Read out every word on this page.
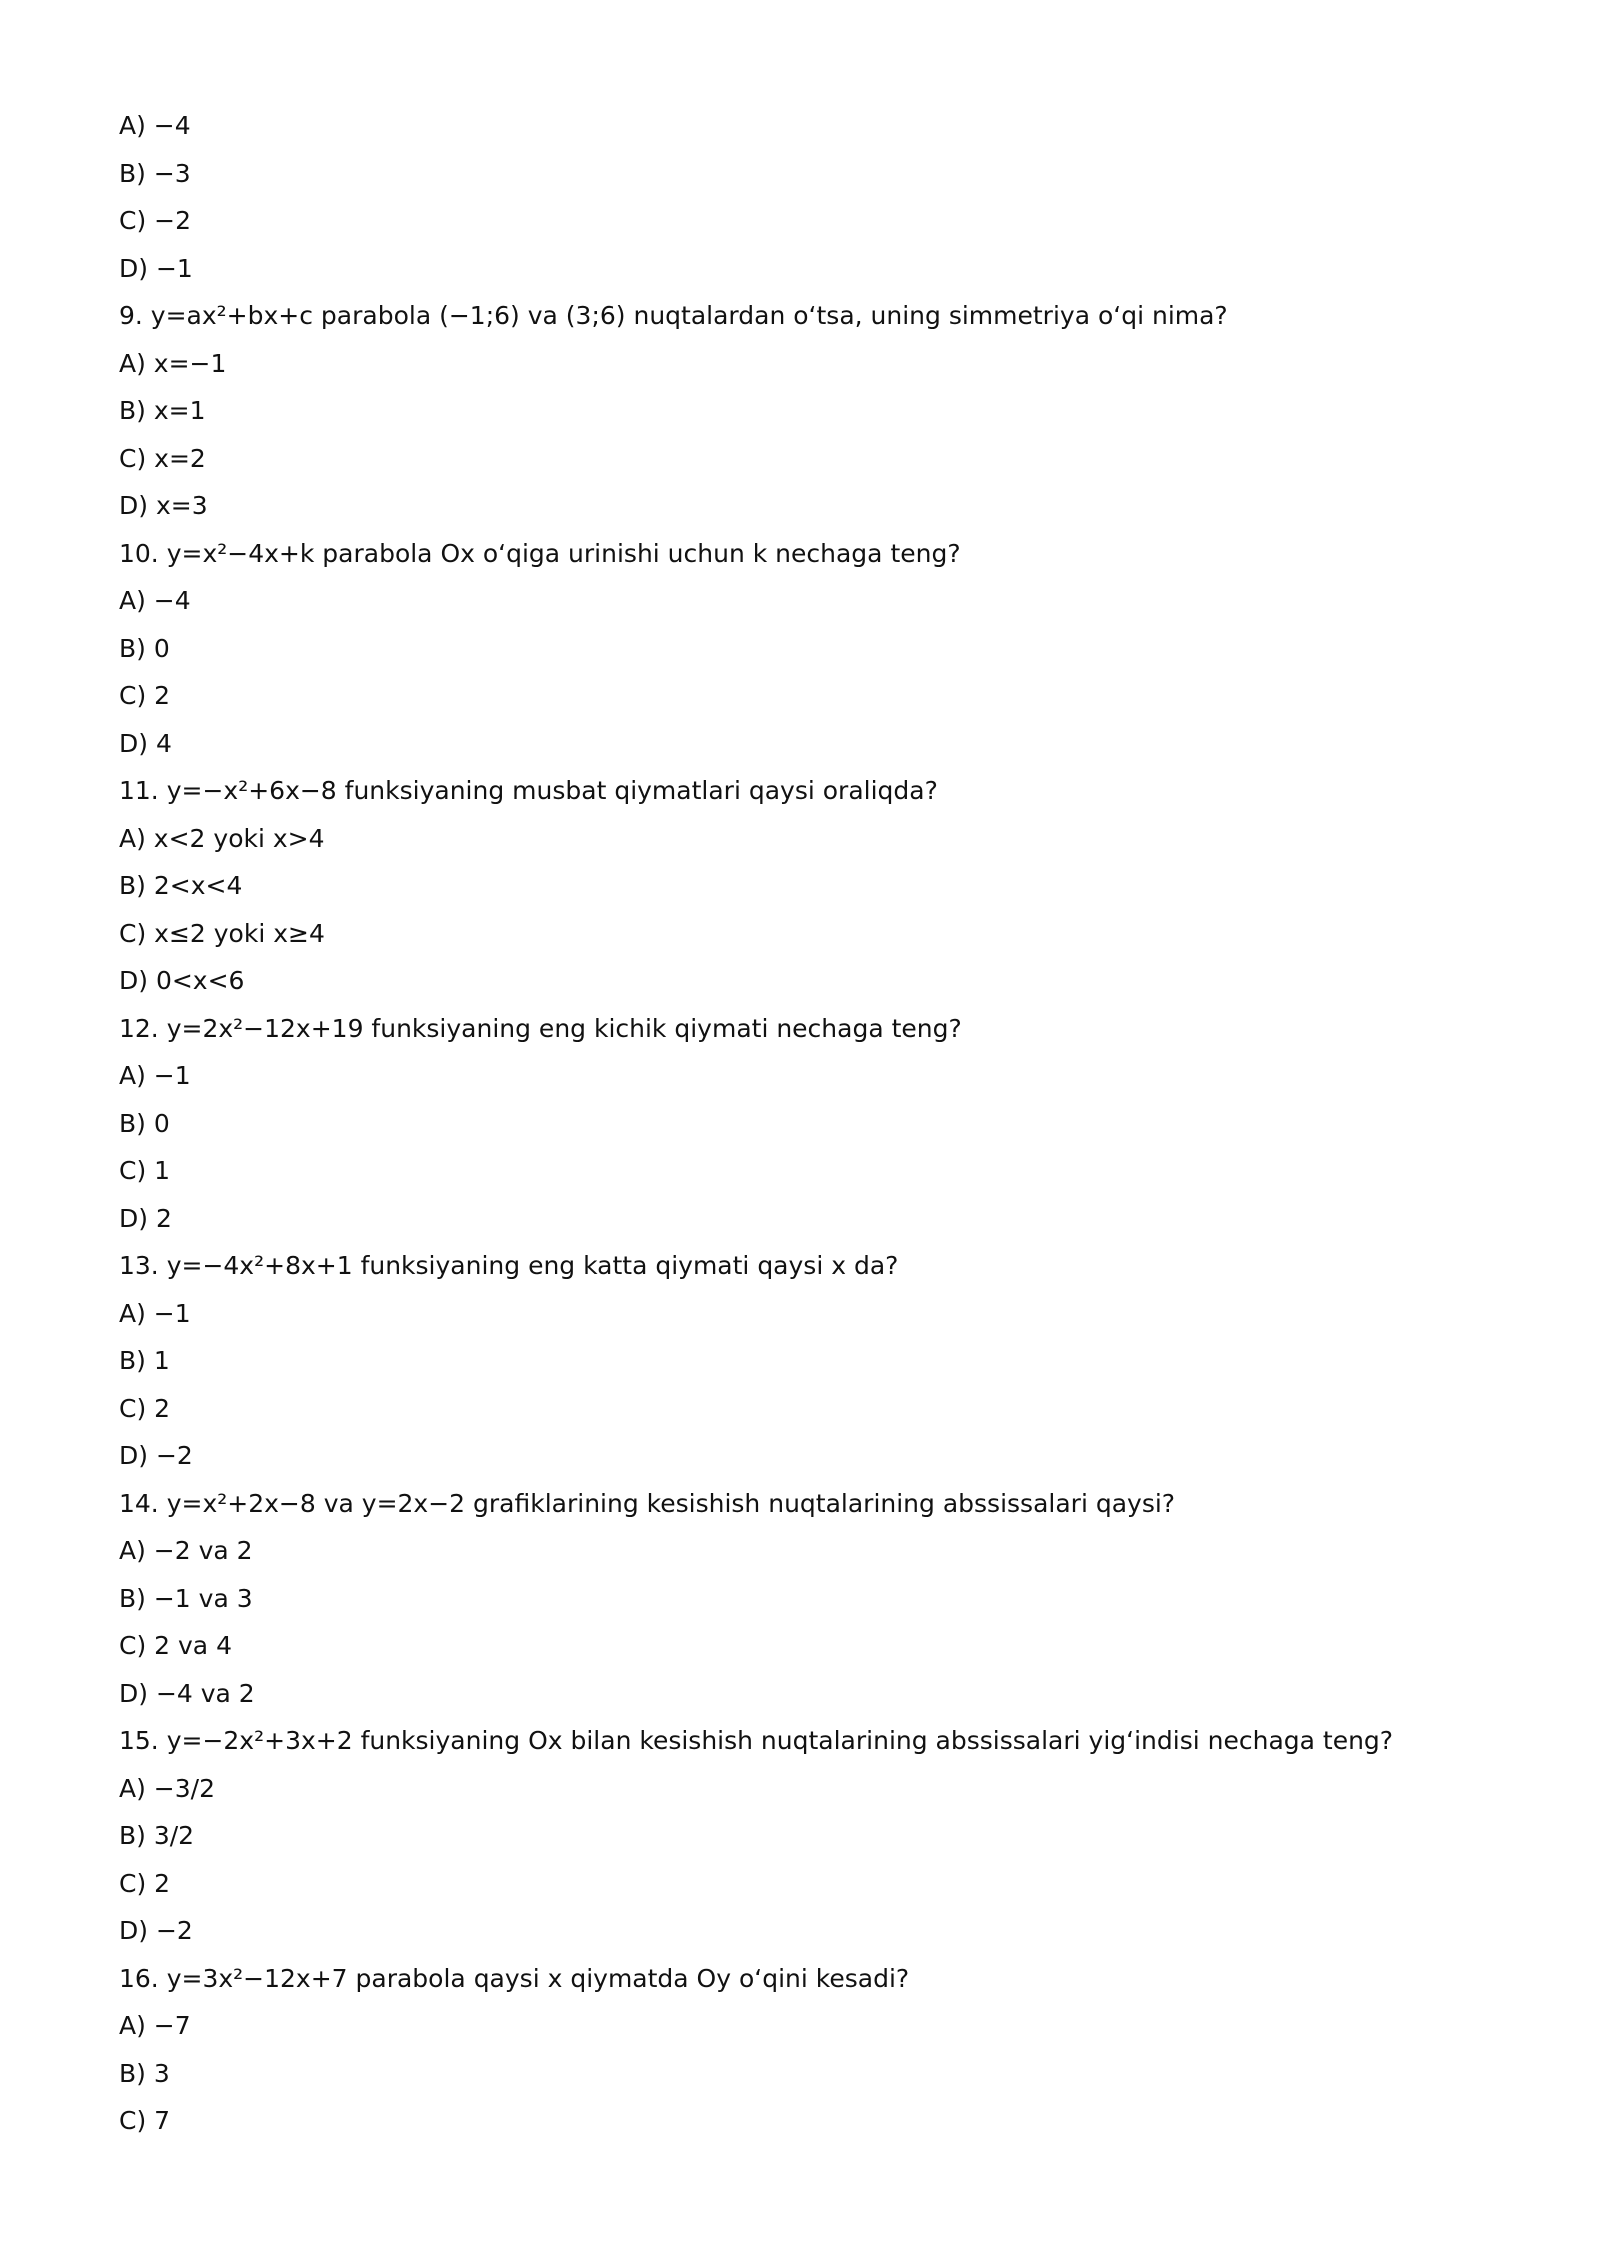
A) −4
B) −3
C) −2
D) −1
9. y=ax²+bx+c parabola (−1;6) va (3;6) nuqtalardan oʻtsa, uning simmetriya oʻqi nima?
A) x=−1
B) x=1
C) x=2
D) x=3
10. y=x²−4x+k parabola Ox oʻqiga urinishi uchun k nechaga teng?
A) −4
B) 0
C) 2
D) 4
11. y=−x²+6x−8 funksiyaning musbat qiymatlari qaysi oraliqda?
A) x<2 yoki x>4
B) 2<x<4
C) x≤2 yoki x≥4
D) 0<x<6
12. y=2x²−12x+19 funksiyaning eng kichik qiymati nechaga teng?
A) −1
B) 0
C) 1
D) 2
13. y=−4x²+8x+1 funksiyaning eng katta qiymati qaysi x da?
A) −1
B) 1
C) 2
D) −2
14. y=x²+2x−8 va y=2x−2 grafiklarining kesishish nuqtalarining abssissalari qaysi?
A) −2 va 2
B) −1 va 3
C) 2 va 4
D) −4 va 2
15. y=−2x²+3x+2 funksiyaning Ox bilan kesishish nuqtalarining abssissalari yigʻindisi nechaga teng?
A) −3/2
B) 3/2
C) 2
D) −2
16. y=3x²−12x+7 parabola qaysi x qiymatda Oy oʻqini kesadi?
A) −7
B) 3
C) 7
